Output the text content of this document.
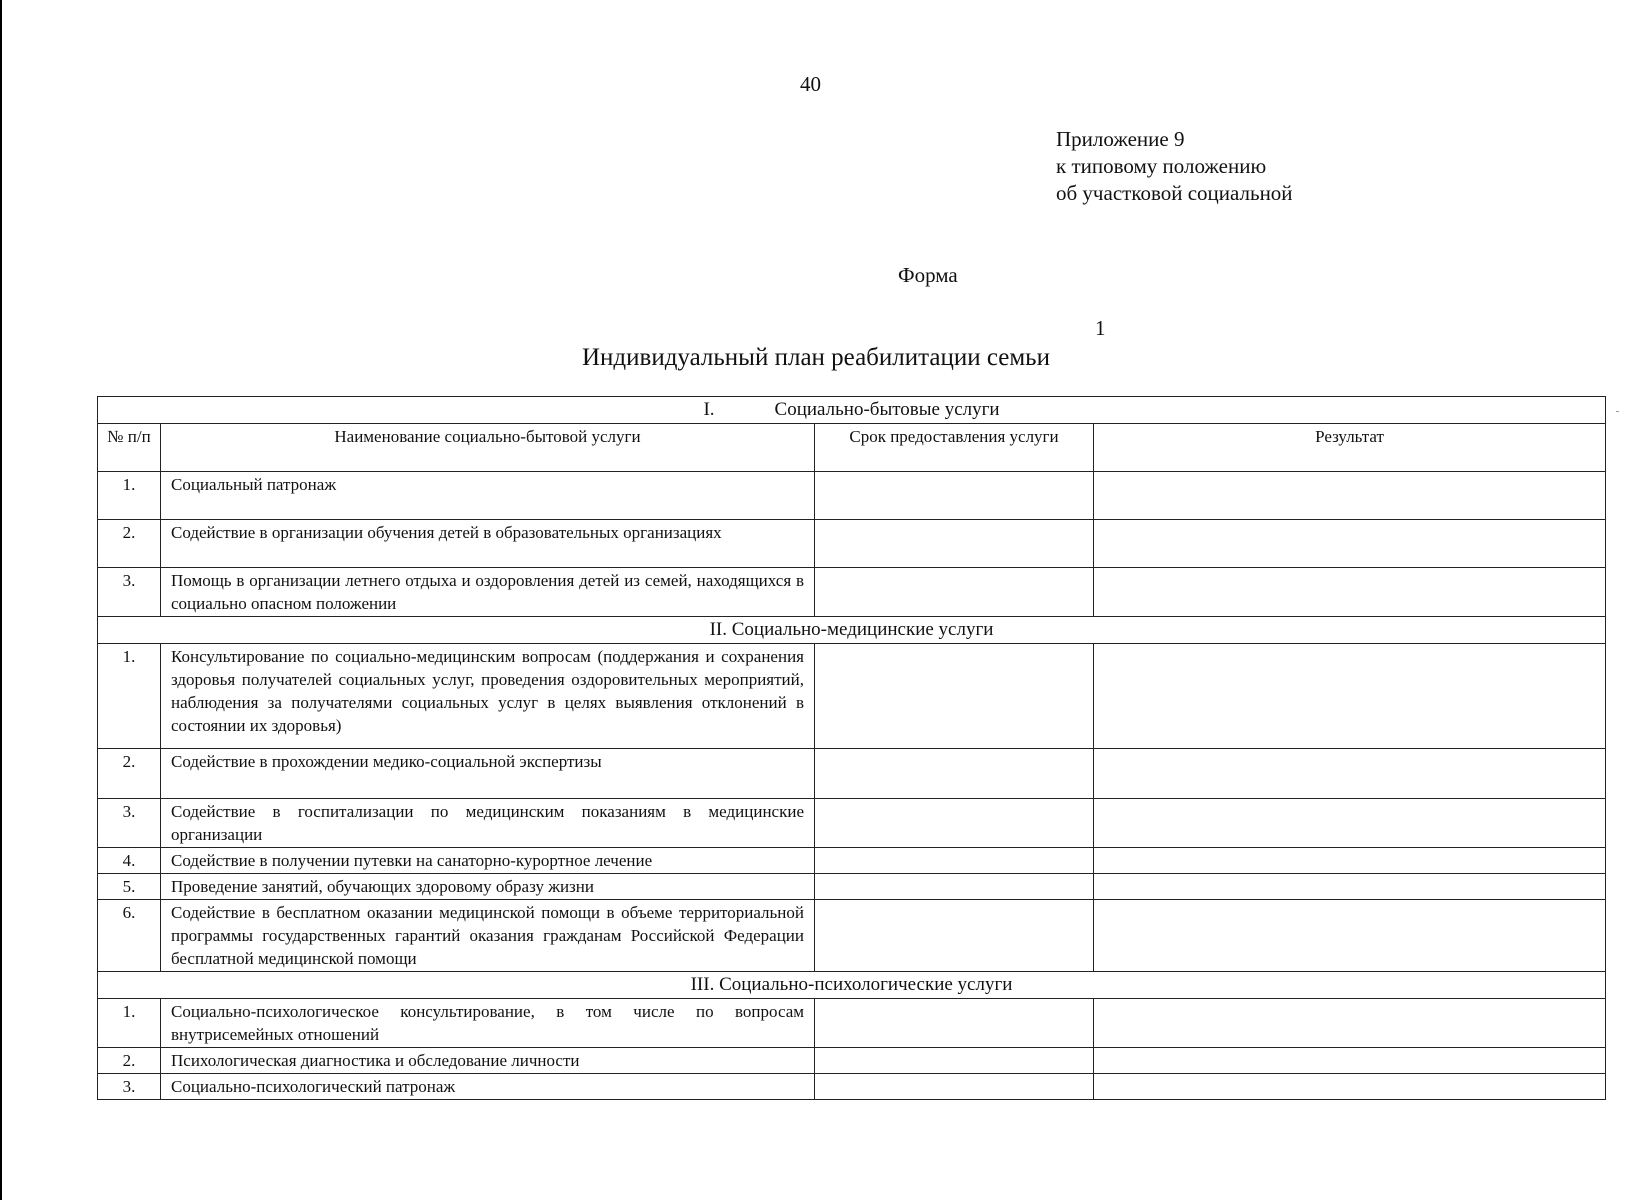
40
Приложение 9
к типовому положению
об участковой социальной
Форма
1
Индивидуальный план реабилитации семьи
I. Социально-бытовые услуги			
№ п/п	Наименование социально-бытовой услуги	Срок предоставления услуги	Результат
1.	Социальный патронаж		
2.	Содействие в организации обучения детей в образовательных организациях		
3.	Помощь в организации летнего отдыха и оздоровления детей из семей, находящихся в социально опасном положении		
II. Социально-медицинские услуги			
1.	Консультирование по социально-медицинским вопросам (поддержания и сохранения здоровья получателей социальных услуг, проведения оздоровительных мероприятий, наблюдения за получателями социальных услуг в целях выявления отклонений в состоянии их здоровья)		
2.	Содействие в прохождении медико-социальной экспертизы		
3.	Содействие в госпитализации по медицинским показаниям в медицинские организации		
4.	Содействие в получении путевки на санаторно-курортное лечение		
5.	Проведение занятий, обучающих здоровому образу жизни		
6.	Содействие в бесплатном оказании медицинской помощи в объеме территориальной программы государственных гарантий оказания гражданам Российской Федерации бесплатной медицинской помощи		
III. Социально-психологические услуги			
1.	Социально-психологическое консультирование, в том числе по вопросам внутрисемейных отношений		
2.	Психологическая диагностика и обследование личности		
3.	Социально-психологический патронаж		
